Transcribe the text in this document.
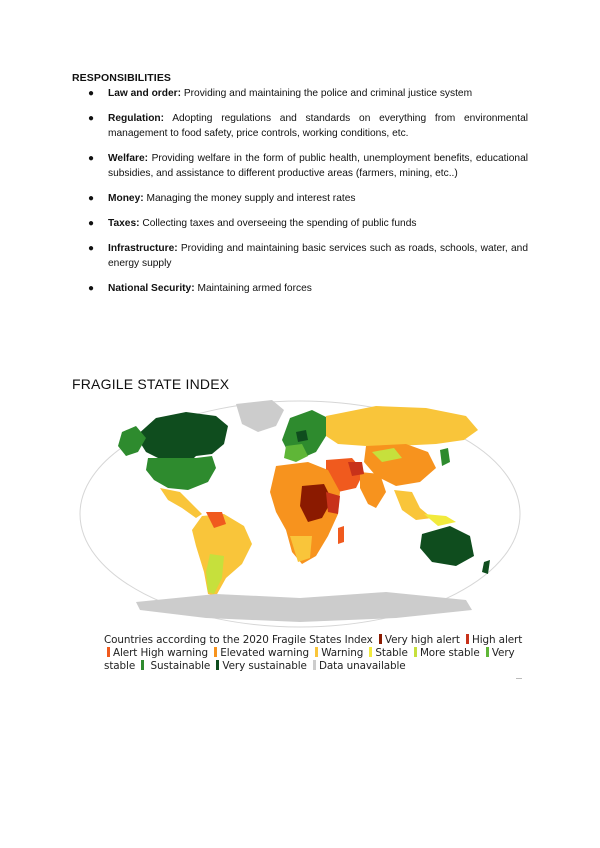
RESPONSIBILITIES
● Law and order: Providing and maintaining the police and criminal justice system
● Regulation: Adopting regulations and standards on everything from environmental management to food safety, price controls, working conditions, etc.
● Welfare: Providing welfare in the form of public health, unemployment benefits, educational subsidies, and assistance to different productive areas (farmers, mining, etc..)
● Money: Managing the money supply and interest rates
● Taxes: Collecting taxes and overseeing the spending of public funds
● Infrastructure: Providing and maintaining basic services such as roads, schools, water, and energy supply
● National Security: Maintaining armed forces
FRAGILE STATE INDEX
Countries according to the 2020 Fragile States Index Very high alert High alert Alert High warning Elevated warning Warning Stable More stable Very stable Sustainable Very sustainable Data unavailable
